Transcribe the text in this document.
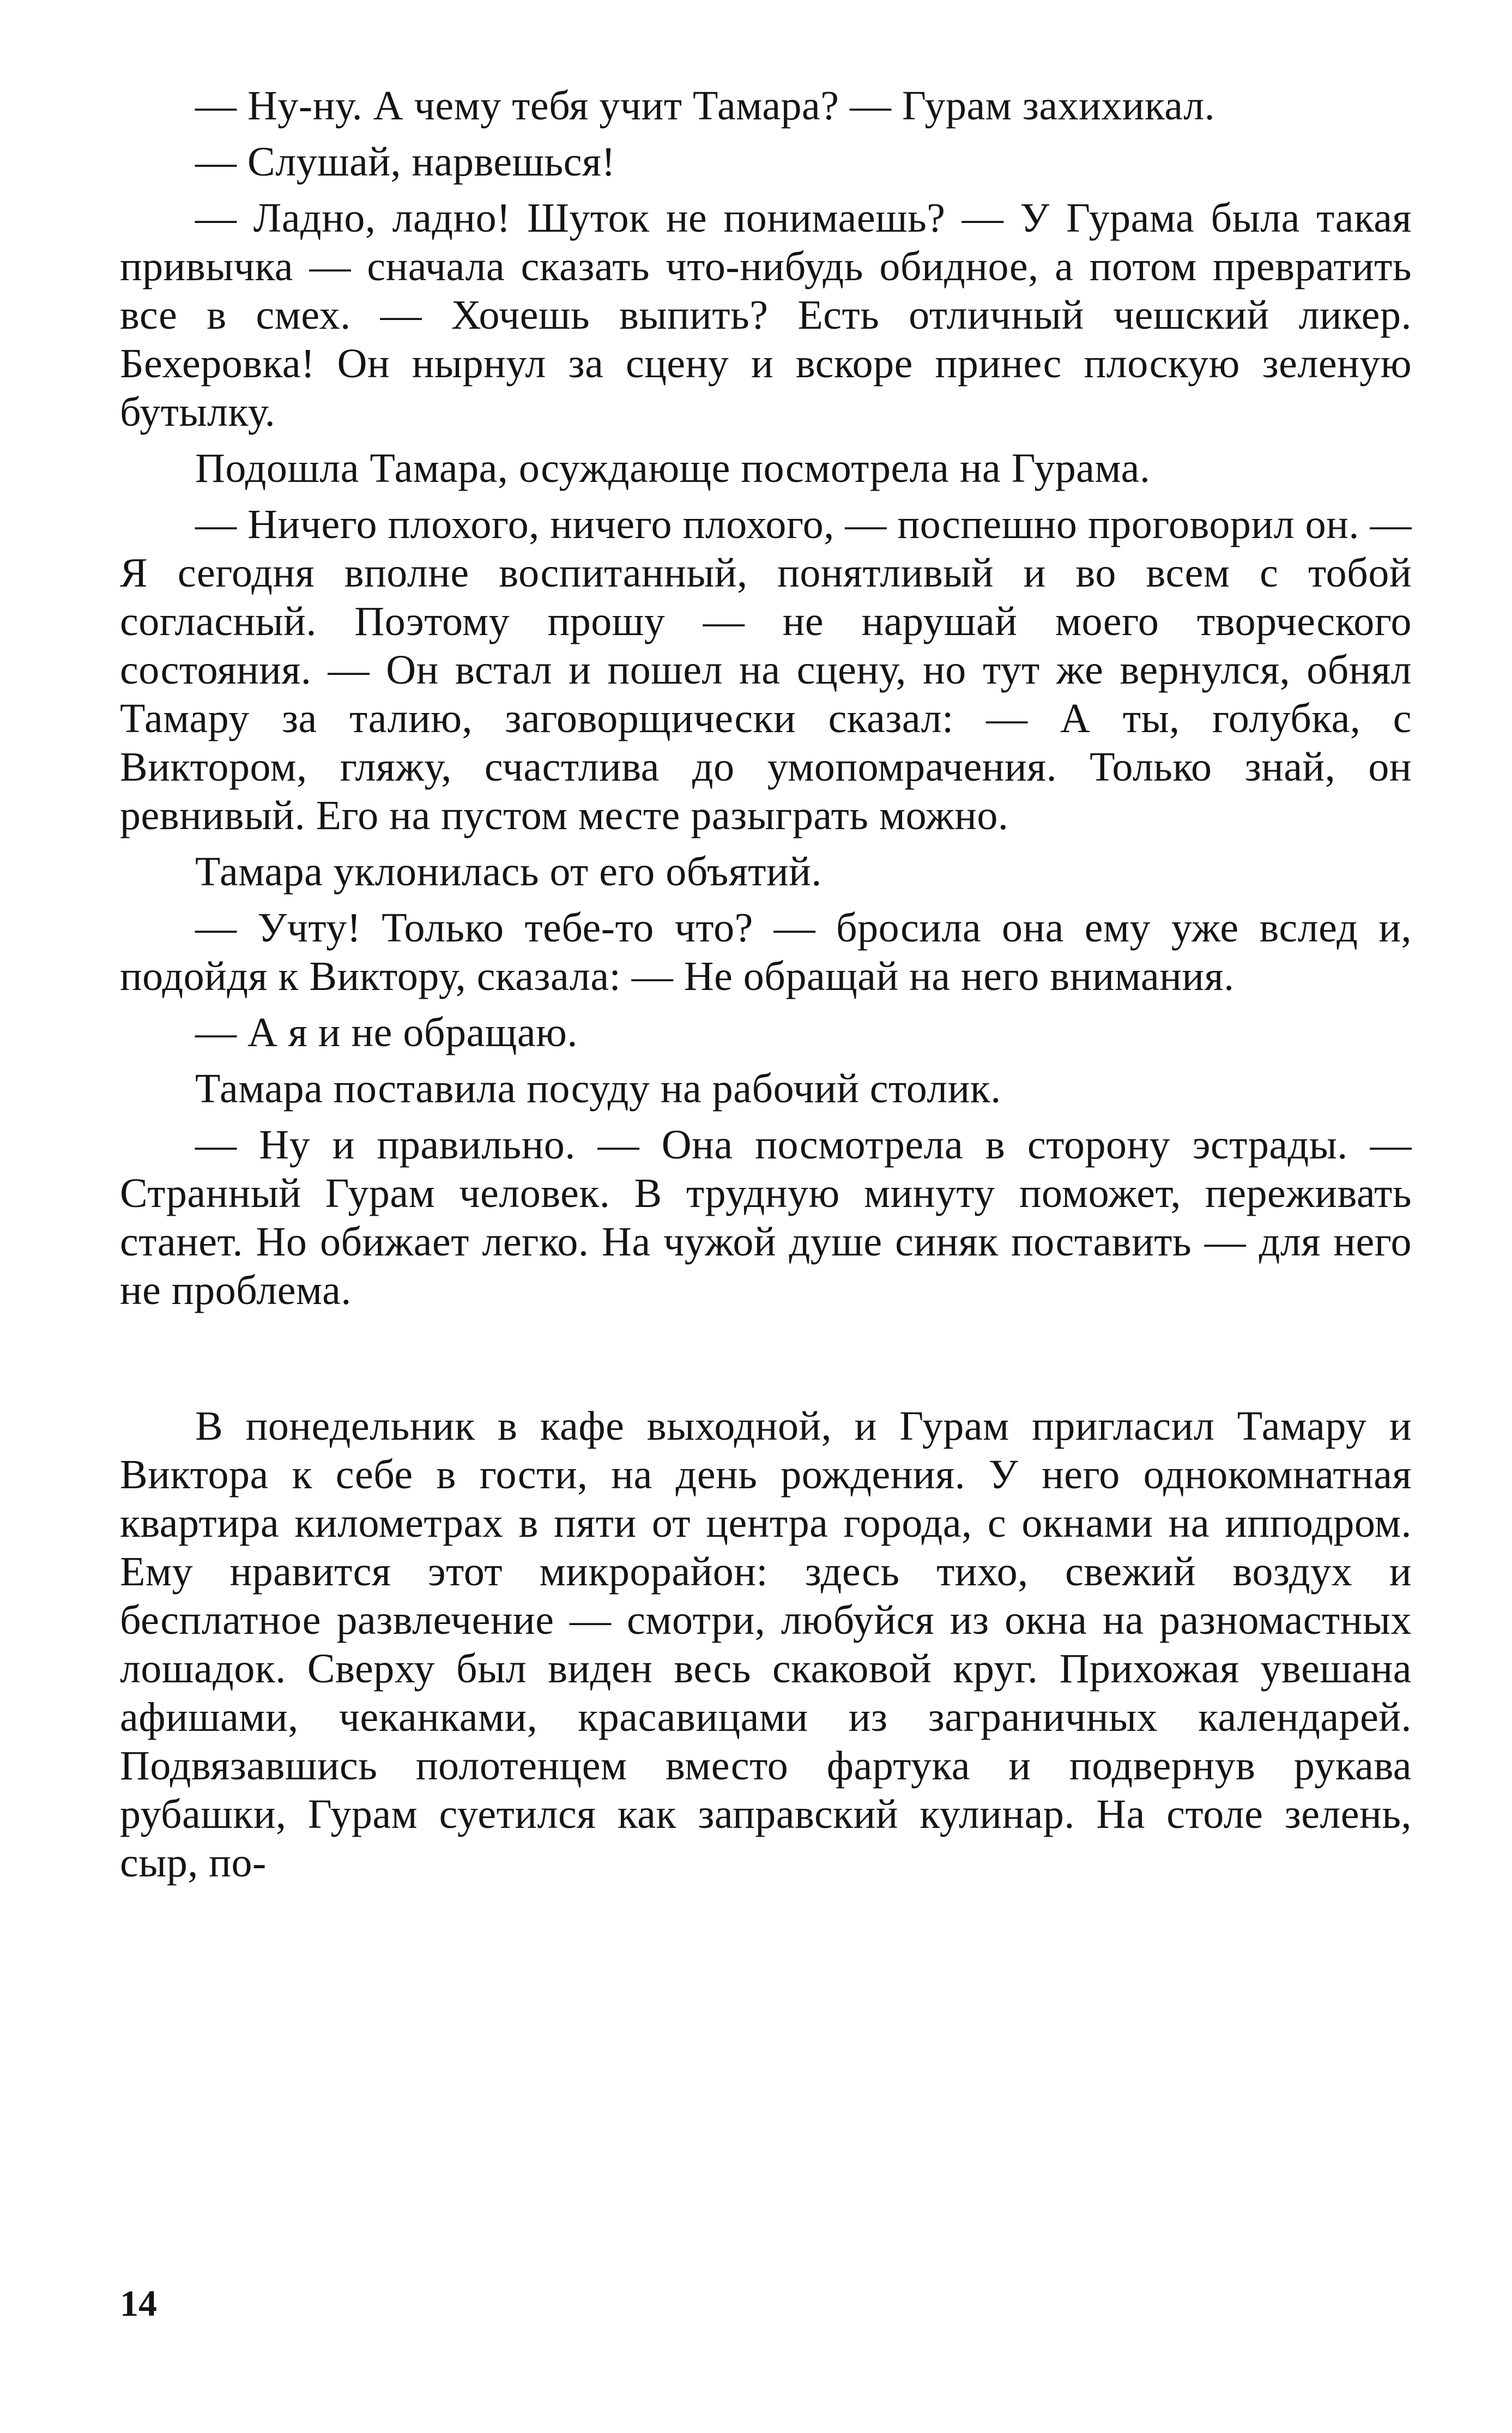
— Ну-ну. А чему тебя учит Тамара? — Гурам захихикал.

— Слушай, нарвешься!

— Ладно, ладно! Шуток не понимаешь? — У Гурама была такая привычка — сначала сказать что-нибудь обидное, а потом превратить все в смех. — Хочешь выпить? Есть отличный чешский ликер. Бехеровка! Он нырнул за сцену и вскоре принес плоскую зеленую бутылку.

Подошла Тамара, осуждающе посмотрела на Гурама.

— Ничего плохого, ничего плохого, — поспешно проговорил он. — Я сегодня вполне воспитанный, понятливый и во всем с тобой согласный. Поэтому прошу — не нарушай моего творческого состояния. — Он встал и пошел на сцену, но тут же вернулся, обнял Тамару за талию, заговорщически сказал: — А ты, голубка, с Виктором, гляжу, счастлива до умопомрачения. Только знай, он ревнивый. Его на пустом месте разыграть можно.

Тамара уклонилась от его объятий.

— Учту! Только тебе-то что? — бросила она ему уже вслед и, подойдя к Виктору, сказала: — Не обращай на него внимания.

— А я и не обращаю.

Тамара поставила посуду на рабочий столик.

— Ну и правильно. — Она посмотрела в сторону эстрады. — Странный Гурам человек. В трудную минуту поможет, переживать станет. Но обижает легко. На чужой душе синяк поставить — для него не проблема.

В понедельник в кафе выходной, и Гурам пригласил Тамару и Виктора к себе в гости, на день рождения. У него однокомнатная квартира километрах в пяти от центра города, с окнами на ипподром. Ему нравится этот микрорайон: здесь тихо, свежий воздух и бесплатное развлечение — смотри, любуйся из окна на разномастных лошадок. Сверху был виден весь скаковой круг. Прихожая увешана афишами, чеканками, красавицами из заграничных календарей. Подвязавшись полотенцем вместо фартука и подвернув рукава рубашки, Гурам суетился как заправский кулинар. На столе зелень, сыр, по-

14
